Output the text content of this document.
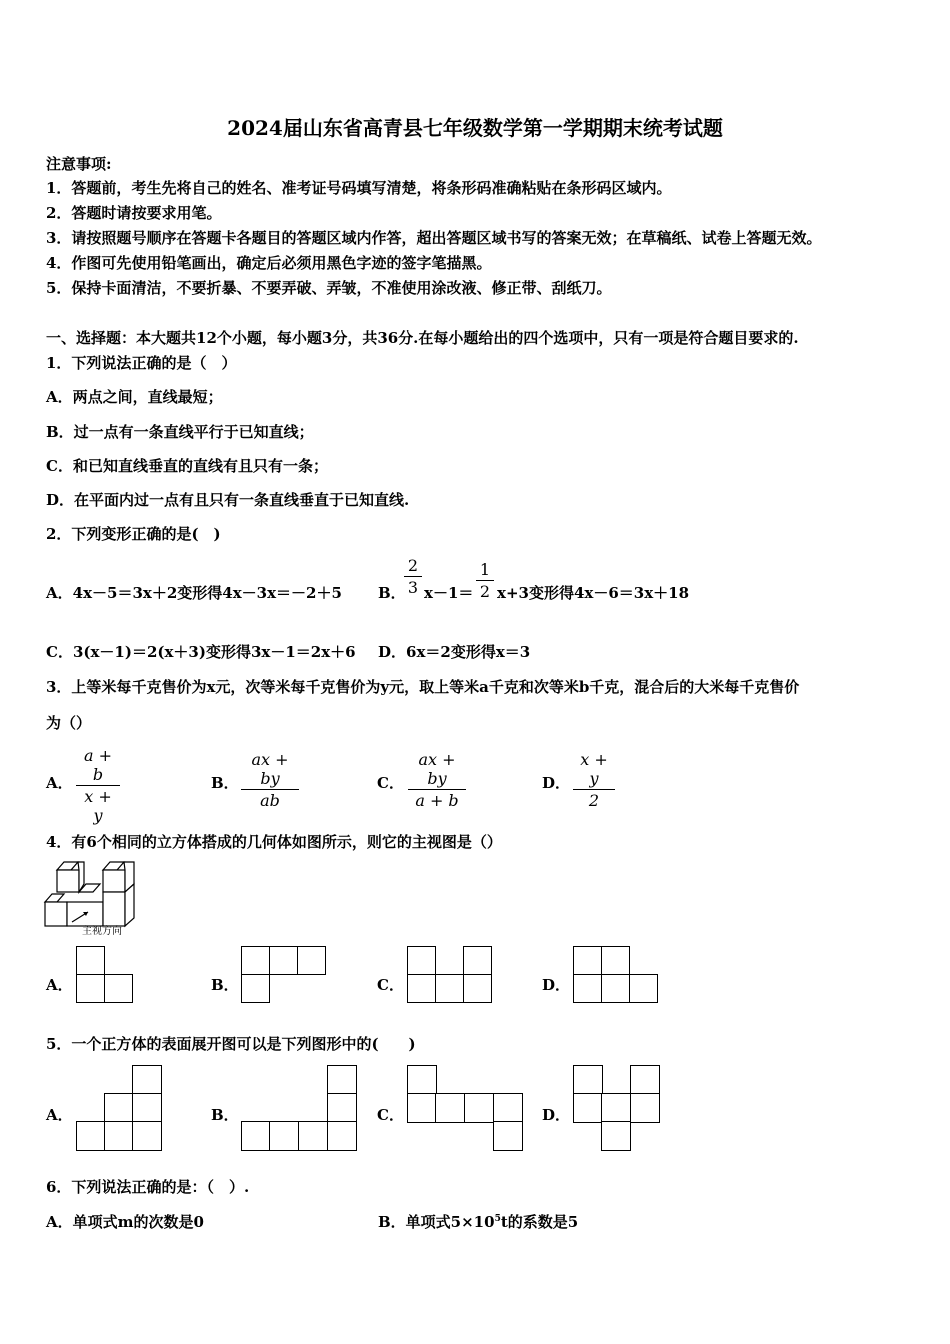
2024届山东省高青县七年级数学第一学期期末统考试题
注意事项:
1．答题前，考生先将自己的姓名、准考证号码填写清楚，将条形码准确粘贴在条形码区域内。
2．答题时请按要求用笔。
3．请按照题号顺序在答题卡各题目的答题区域内作答，超出答题区域书写的答案无效；在草稿纸、试卷上答题无效。
4．作图可先使用铅笔画出，确定后必须用黑色字迹的签字笔描黑。
5．保持卡面清洁，不要折暴、不要弄破、弄皱，不准使用涂改液、修正带、刮纸刀。
一、选择题：本大题共12个小题，每小题3分，共36分.在每小题给出的四个选项中，只有一项是符合题目要求的.
1．下列说法正确的是（　）
A．两点之间，直线最短；
B．过一点有一条直线平行于已知直线；
C．和已知直线垂直的直线有且只有一条；
D．在平面内过一点有且只有一条直线垂直于已知直线.
2．下列变形正确的是(　)
A．4x－5＝3x＋2变形得4x－3x＝－2＋5 B．
2
3 x－1＝
1
2 x+3变形得4x－6＝3x＋18
C．3(x－1)＝2(x＋3)变形得3x－1＝2x＋6 D．6x＝2变形得x＝3
3．上等米每千克售价为x元，次等米每千克售价为y元，取上等米a千克和次等米b千克，混合后的大米每千克售价
为（）
A．
a + b
x + y
B．
ax + by
ab
C．
ax + by
a + b
D．
x + y
2
4．有6个相同的立方体搭成的几何体如图所示，则它的主视图是（）
主视方向
A．	B．	C．	D．
5．一个正方体的表面展开图可以是下列图形中的(　　)
A．	B．	C．	D．
6．下列说法正确的是：（　）.
A．单项式m的次数是0	B．单项式$5\times 10^5t$的系数是5
